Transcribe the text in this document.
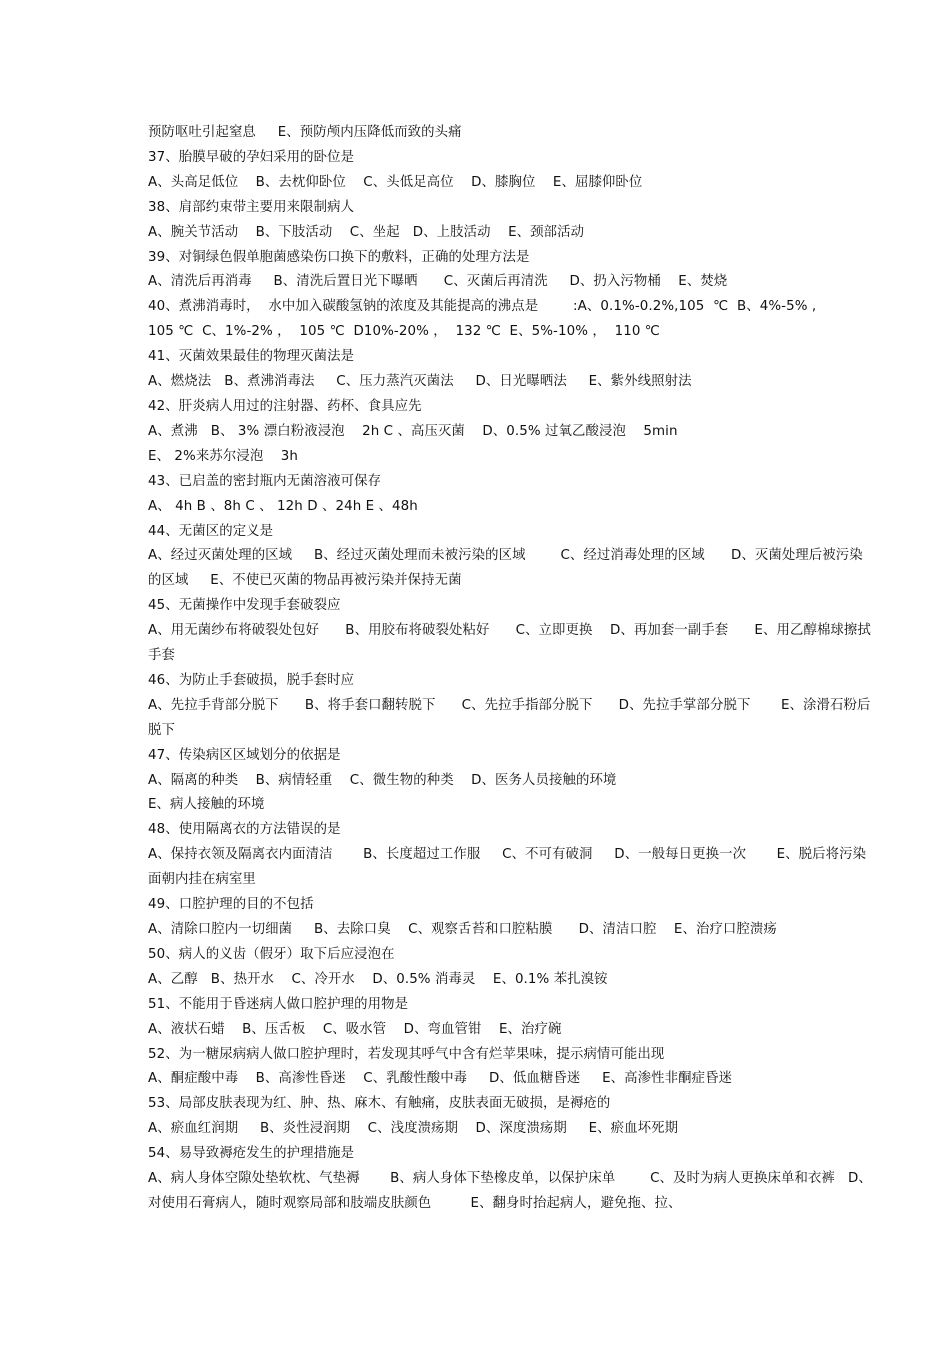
预防呕吐引起窒息     E、预防颅内压降低而致的头痛

37、胎膜早破的孕妇采用的卧位是

A、头高足低位    B、去枕仰卧位    C、头低足高位    D、膝胸位    E、屈膝仰卧位

38、肩部约束带主要用来限制病人

A、腕关节活动    B、下肢活动    C、坐起   D、上肢活动    E、颈部活动

39、对铜绿色假单胞菌感染伤口换下的敷料，正确的处理方法是

A、清洗后再消毒     B、清洗后置日光下曝晒      C、灭菌后再清洗     D、扔入污物桶    E、焚烧

40、煮沸消毒时，  水中加入碳酸氢钠的浓度及其能提高的沸点是        :A、0.1%-0.2%,105  ℃  B、4%-5% ,

105 ℃  C、1%-2% ，  105 ℃  D10%-20% ，  132 ℃  E、5%-10% ，  110 ℃

41、灭菌效果最佳的物理灭菌法是

A、燃烧法   B、煮沸消毒法     C、压力蒸汽灭菌法     D、日光曝晒法     E、紫外线照射法

42、肝炎病人用过的注射器、药杯、食具应先

A、煮沸   B、 3% 漂白粉液浸泡    2h C 、高压灭菌    D、0.5% 过氧乙酸浸泡    5min

E、 2%来苏尔浸泡    3h

43、已启盖的密封瓶内无菌溶液可保存

A、 4h B 、8h C 、 12h D 、24h E 、48h

44、无菌区的定义是

A、经过灭菌处理的区域     B、经过灭菌处理而未被污染的区域        C、经过消毒处理的区域      D、灭菌处理后被污染的区域     E、不使已灭菌的物品再被污染并保持无菌

45、无菌操作中发现手套破裂应

A、用无菌纱布将破裂处包好      B、用胶布将破裂处粘好      C、立即更换    D、再加套一副手套      E、用乙醇棉球擦拭手套

46、为防止手套破损，脱手套时应

A、先拉手背部分脱下      B、将手套口翻转脱下      C、先拉手指部分脱下      D、先拉手掌部分脱下       E、涂滑石粉后脱下

47、传染病区区域划分的依据是

A、隔离的种类    B、病情轻重    C、微生物的种类    D、医务人员接触的环境

E、病人接触的环境

48、使用隔离衣的方法错误的是

A、保持衣领及隔离衣内面清洁       B、长度超过工作服     C、不可有破洞     D、一般每日更换一次       E、脱后将污染面朝内挂在病室里

49、口腔护理的目的不包括

A、清除口腔内一切细菌     B、去除口臭    C、观察舌苔和口腔粘膜      D、清洁口腔    E、治疗口腔溃疡

50、病人的义齿（假牙）取下后应浸泡在

A、乙醇   B、热开水    C、冷开水    D、0.5% 消毒灵    E、0.1% 苯扎溴铵

51、不能用于昏迷病人做口腔护理的用物是

A、液状石蜡    B、压舌板    C、吸水管    D、弯血管钳    E、治疗碗

52、为一糖尿病病人做口腔护理时，若发现其呼气中含有烂苹果味，提示病情可能出现

A、酮症酸中毒    B、高渗性昏迷    C、乳酸性酸中毒     D、低血糖昏迷     E、高渗性非酮症昏迷

53、局部皮肤表现为红、肿、热、麻木、有触痛，皮肤表面无破损，是褥疮的

A、瘀血红润期     B、炎性浸润期    C、浅度溃疡期    D、深度溃疡期     E、瘀血坏死期

54、易导致褥疮发生的护理措施是

A、病人身体空隙处垫软枕、气垫褥       B、病人身体下垫橡皮单，以保护床单        C、及时为病人更换床单和衣裤   D、对使用石膏病人，随时观察局部和肢端皮肤颜色         E、翻身时抬起病人，避免拖、拉、
